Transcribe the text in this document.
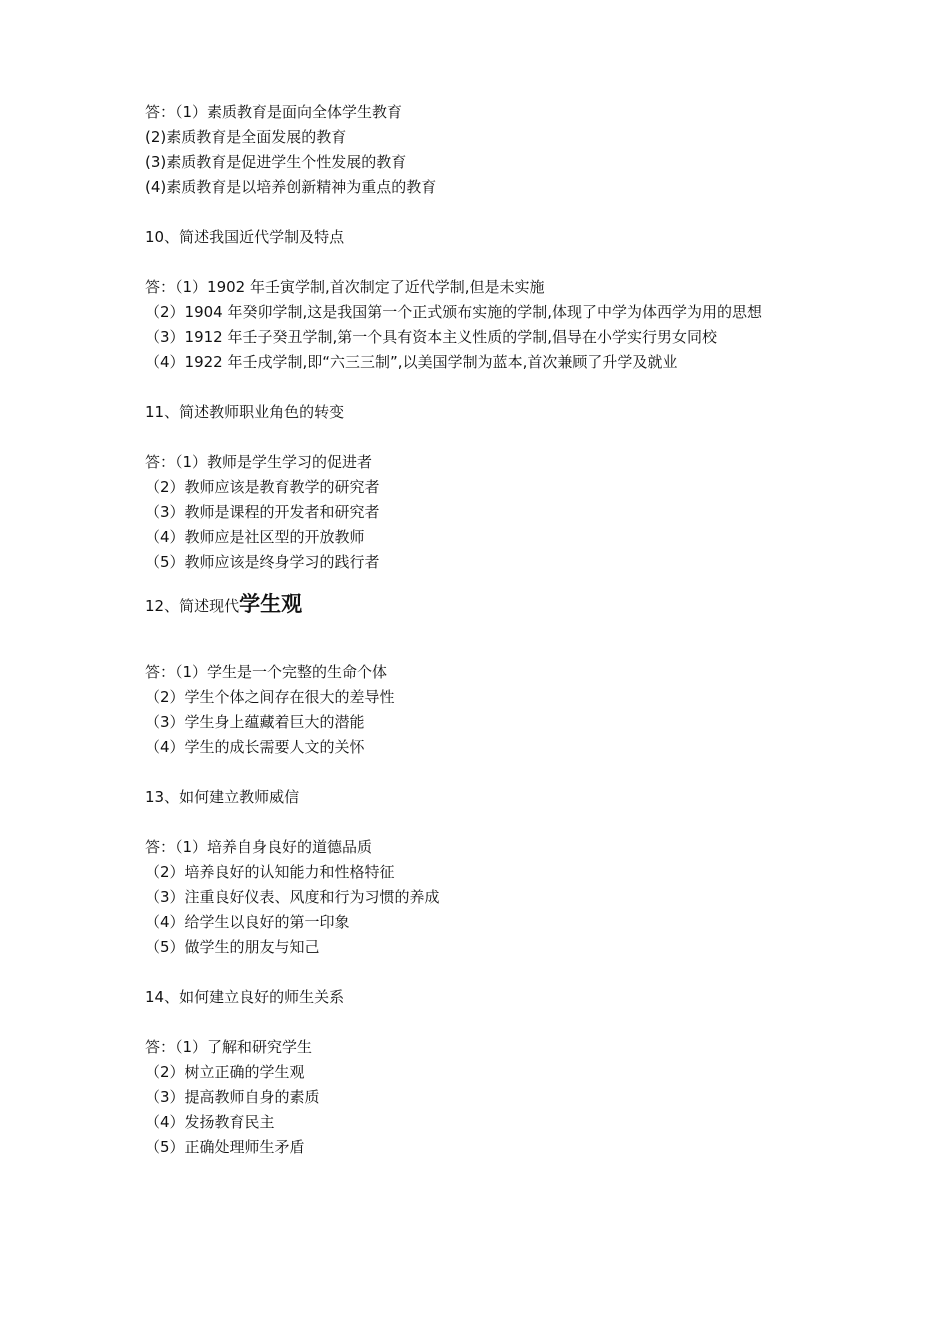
答：（1）素质教育是面向全体学生教育
(2)素质教育是全面发展的教育
(3)素质教育是促进学生个性发展的教育
(4)素质教育是以培养创新精神为重点的教育
10、简述我国近代学制及特点
答：（1）1902 年壬寅学制,首次制定了近代学制,但是未实施
（2）1904 年癸卯学制,这是我国第一个正式颁布实施的学制,体现了中学为体西学为用的思想
（3）1912 年壬子癸丑学制,第一个具有资本主义性质的学制,倡导在小学实行男女同校
（4）1922 年壬戌学制,即“六三三制”,以美国学制为蓝本,首次兼顾了升学及就业
11、简述教师职业角色的转变
答：（1）教师是学生学习的促进者
（2）教师应该是教育教学的研究者
（3）教师是课程的开发者和研究者
（4）教师应是社区型的开放教师
（5）教师应该是终身学习的践行者
12、简述现代学生观
答：（1）学生是一个完整的生命个体
（2）学生个体之间存在很大的差导性
（3）学生身上蕴藏着巨大的潜能
（4）学生的成长需要人文的关怀
13、如何建立教师威信
答：（1）培养自身良好的道德品质
（2）培养良好的认知能力和性格特征
（3）注重良好仪表、风度和行为习惯的养成
（4）给学生以良好的第一印象
（5）做学生的朋友与知己
14、如何建立良好的师生关系
答：（1）了解和研究学生
（2）树立正确的学生观
（3）提高教师自身的素质
（4）发扬教育民主
（5）正确处理师生矛盾
